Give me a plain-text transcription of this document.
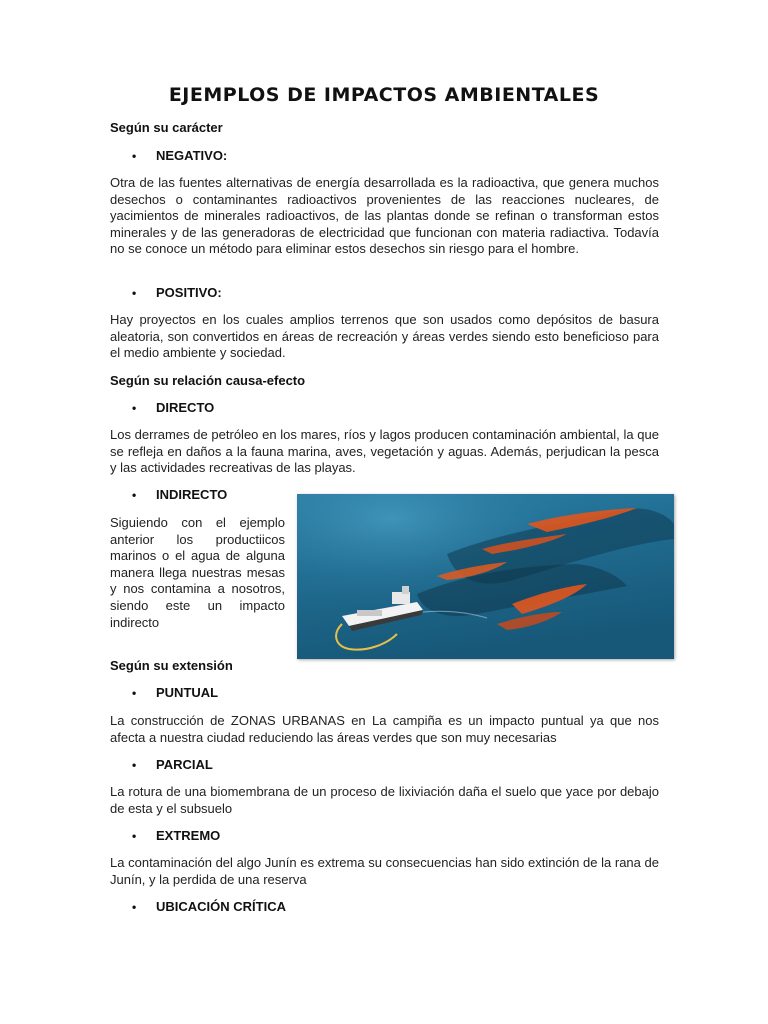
EJEMPLOS DE IMPACTOS AMBIENTALES
Según su carácter
• NEGATIVO:

Otra de las fuentes alternativas de energía desarrollada es la radioactiva, que genera muchos desechos o contaminantes radioactivos provenientes de las reacciones nucleares, de yacimientos de minerales radioactivos, de las plantas donde se refinan o transforman estos minerales y de las generadoras de electricidad que funcionan con materia radiactiva. Todavía no se conoce un método para eliminar estos desechos sin riesgo para el hombre.

• POSITIVO:

Hay proyectos en los cuales amplios terrenos que son usados como depósitos de basura aleatoria, son convertidos en áreas de recreación y áreas verdes siendo esto beneficioso para el medio ambiente y sociedad.

Según su relación causa-efecto
• DIRECTO

Los derrames de petróleo en los mares, ríos y lagos producen contaminación ambiental, la que se refleja en daños a la fauna marina, aves, vegetación y aguas. Además, perjudican la pesca y las actividades recreativas de las playas.

• INDIRECTO

Siguiendo con el ejemplo anterior los productiicos marinos o el agua de alguna manera llega nuestras mesas y nos contamina a nosotros, siendo este un impacto indirecto

Según su extensión
• PUNTUAL

La construcción de ZONAS URBANAS en La campiña es un impacto puntual ya que nos afecta a nuestra ciudad reduciendo las áreas verdes que son muy necesarias

• PARCIAL

La rotura de una biomembrana de un proceso de lixiviación daña el suelo que yace por debajo de esta y el subsuelo

• EXTREMO

La contaminación del algo Junín es extrema su consecuencias han sido extinción de la rana de Junín, y la perdida de una reserva

• UBICACIÓN CRÍTICA
